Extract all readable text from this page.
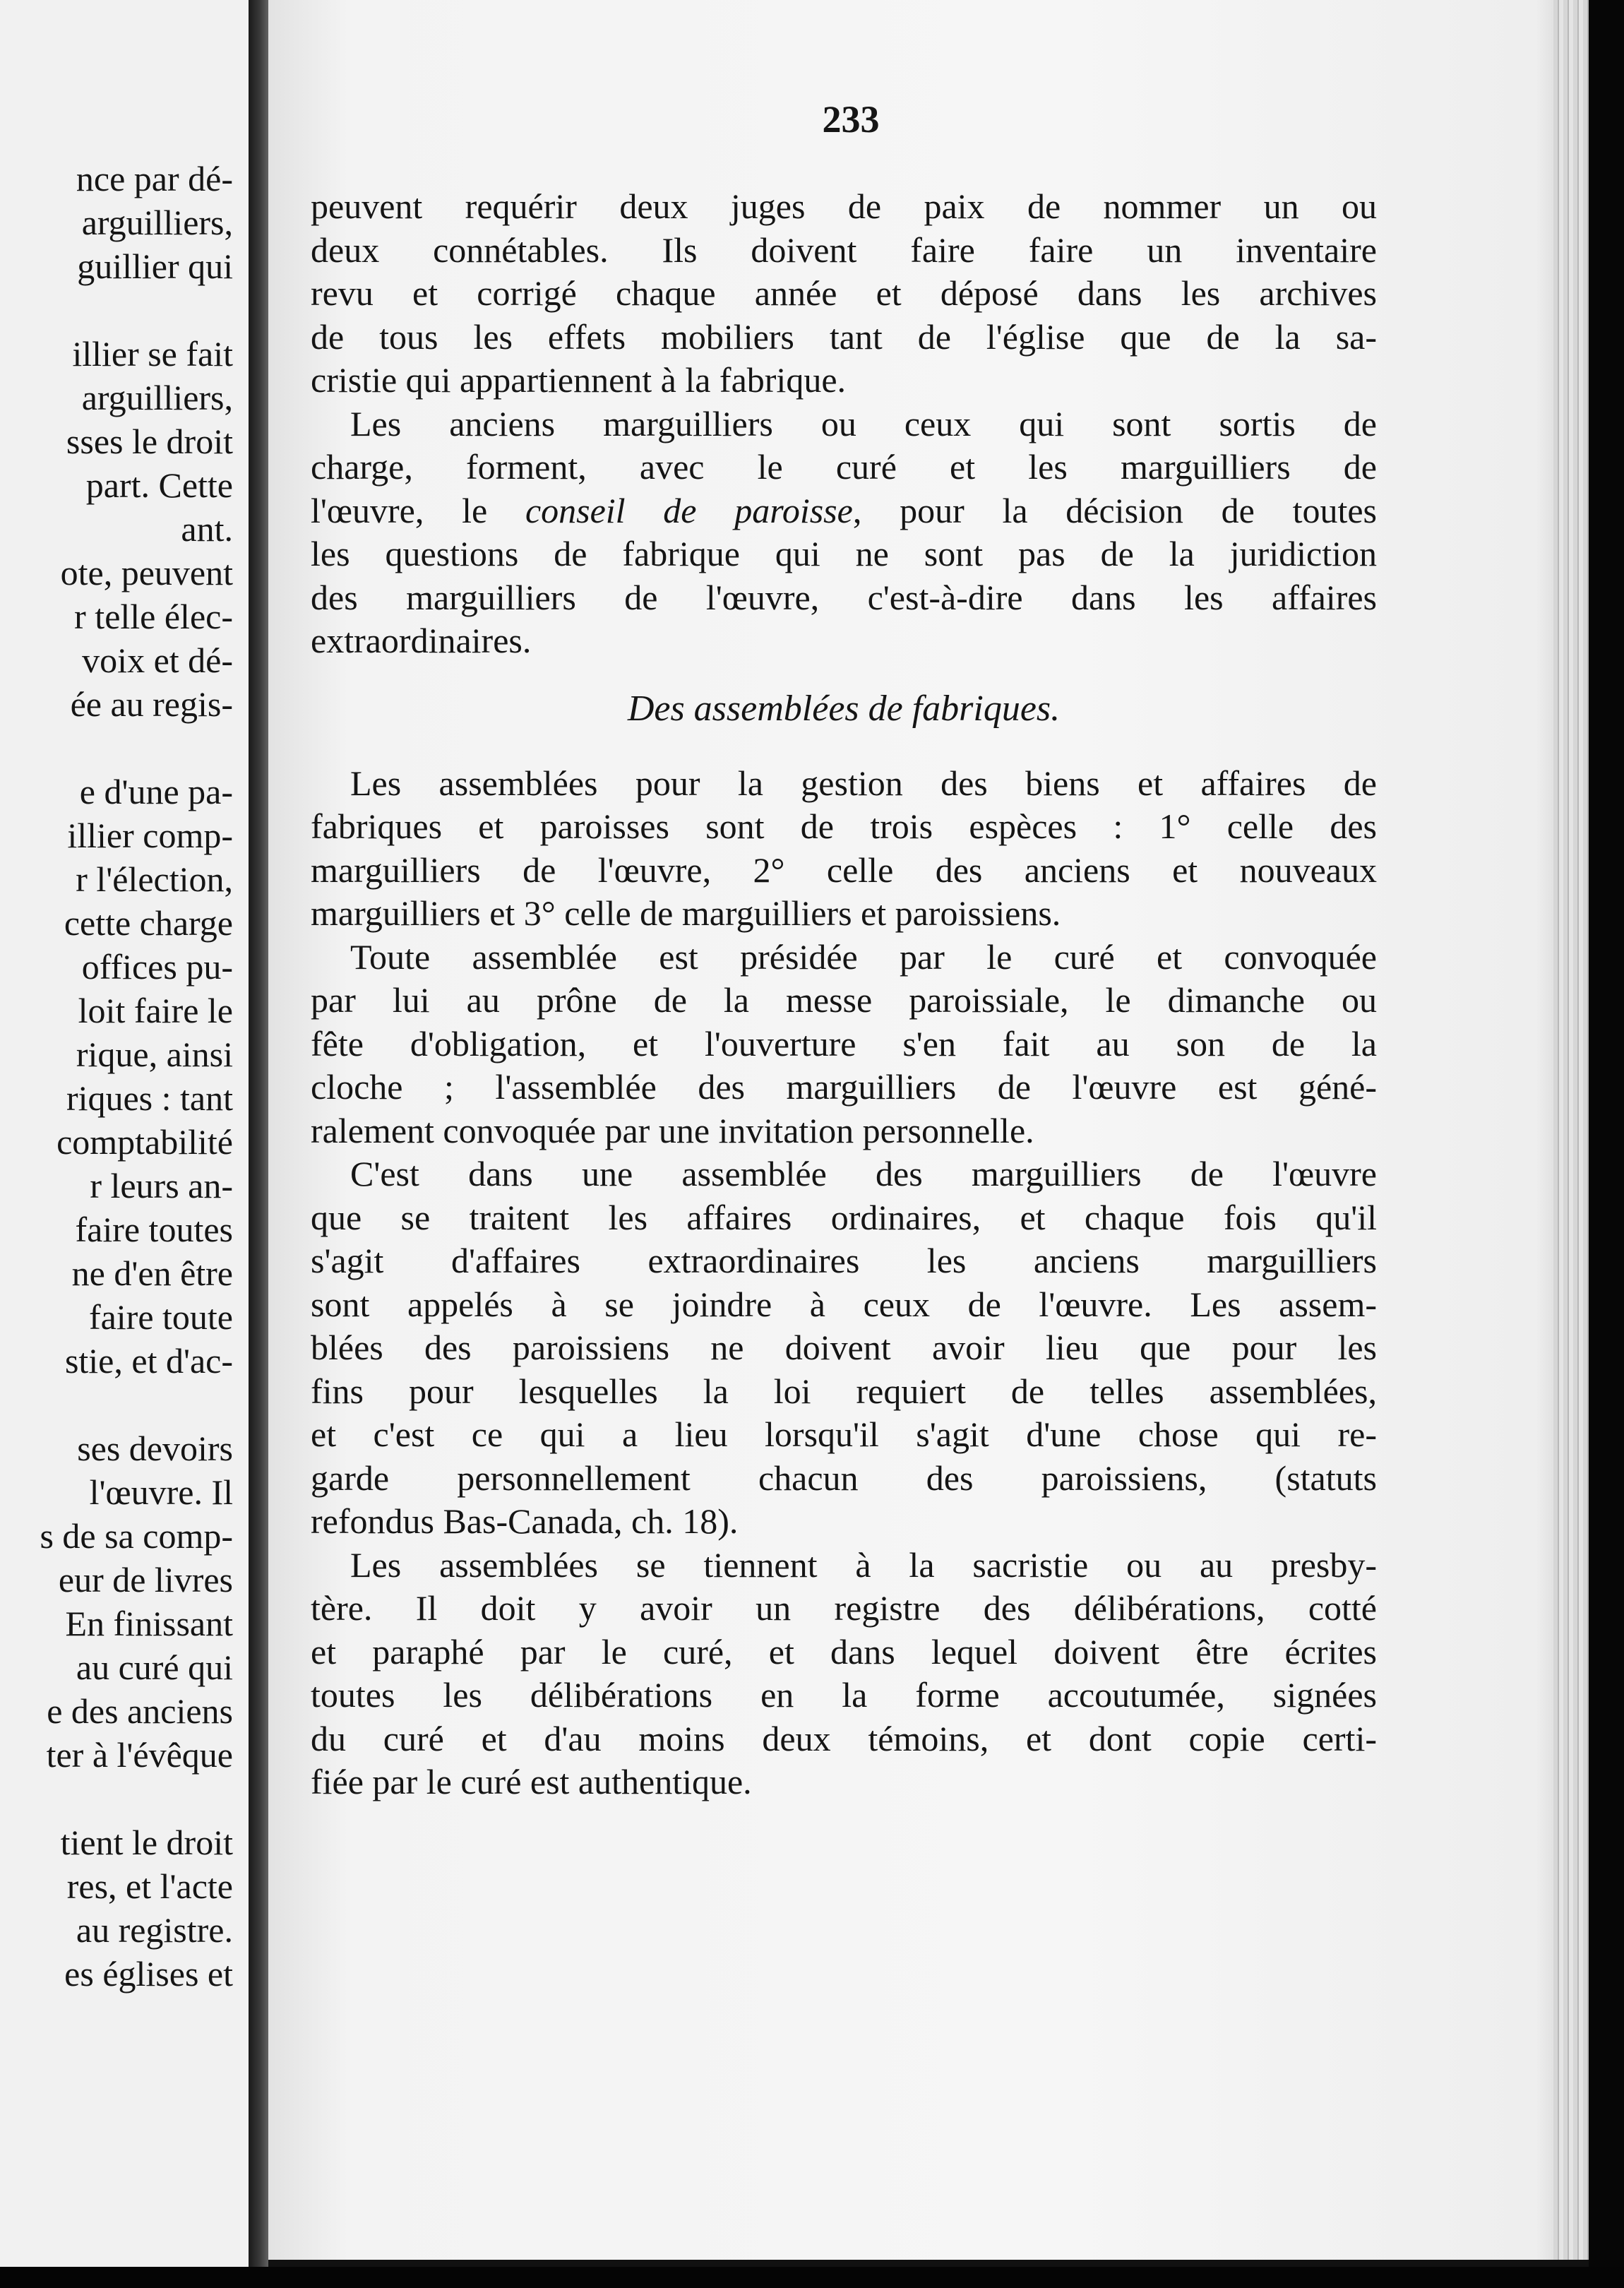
nce par dé-
arguilliers,
guillier qui
illier se fait
arguilliers,
sses le droit
part. Cette
ant.
ote, peuvent
r telle élec-
voix et dé-
ée au regis-
e d'une pa-
illier comp-
r l'élection,
cette charge
offices pu-
loit faire le
rique, ainsi
riques : tant
comptabilité
r leurs an-
faire toutes
ne d'en être
faire toute
stie, et d'ac-
ses devoirs
l'œuvre. Il
s de sa comp-
eur de livres
En finissant
au curé qui
e des anciens
ter à l'évêque
tient le droit
res, et l'acte
au registre.
es églises et
233
peuvent requérir deux juges de paix de nommer un ou
deux connétables. Ils doivent faire faire un inventaire
revu et corrigé chaque année et déposé dans les archives
de tous les effets mobiliers tant de l'église que de la sa-
cristie qui appartiennent à la fabrique.
Les anciens marguilliers ou ceux qui sont sortis de
charge, forment, avec le curé et les marguilliers de
l'œuvre, le conseil de paroisse, pour la décision de toutes
les questions de fabrique qui ne sont pas de la juridiction
des marguilliers de l'œuvre, c'est-à-dire dans les affaires
extraordinaires.
Des assemblées de fabriques.
Les assemblées pour la gestion des biens et affaires de
fabriques et paroisses sont de trois espèces : 1° celle des
marguilliers de l'œuvre, 2° celle des anciens et nouveaux
marguilliers et 3° celle de marguilliers et paroissiens.
Toute assemblée est présidée par le curé et convoquée
par lui au prône de la messe paroissiale, le dimanche ou
fête d'obligation, et l'ouverture s'en fait au son de la
cloche ; l'assemblée des marguilliers de l'œuvre est géné-
ralement convoquée par une invitation personnelle.
C'est dans une assemblée des marguilliers de l'œuvre
que se traitent les affaires ordinaires, et chaque fois qu'il
s'agit d'affaires extraordinaires les anciens marguilliers
sont appelés à se joindre à ceux de l'œuvre. Les assem-
blées des paroissiens ne doivent avoir lieu que pour les
fins pour lesquelles la loi requiert de telles assemblées,
et c'est ce qui a lieu lorsqu'il s'agit d'une chose qui re-
garde personnellement chacun des paroissiens, (statuts
refondus Bas-Canada, ch. 18).
Les assemblées se tiennent à la sacristie ou au presby-
tère. Il doit y avoir un registre des délibérations, cotté
et paraphé par le curé, et dans lequel doivent être écrites
toutes les délibérations en la forme accoutumée, signées
du curé et d'au moins deux témoins, et dont copie certi-
fiée par le curé est authentique.
